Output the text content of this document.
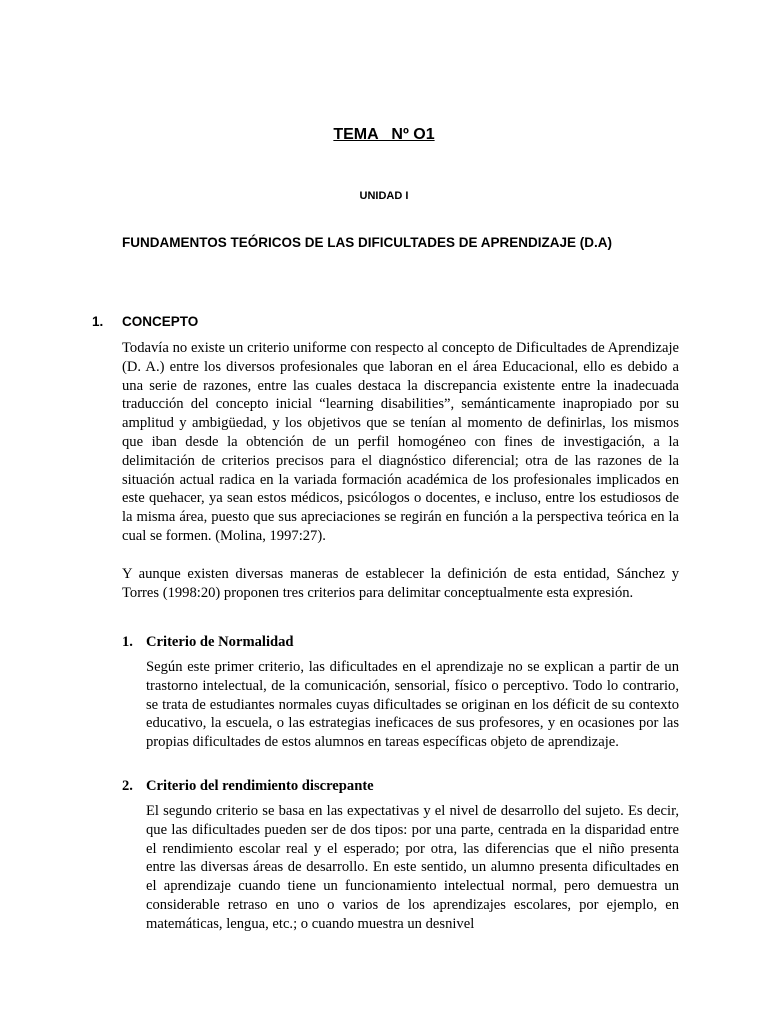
TEMA   Nº O1
UNIDAD I
FUNDAMENTOS TEÓRICOS DE LAS DIFICULTADES DE APRENDIZAJE (D.A)
1. CONCEPTO

Todavía no existe un criterio uniforme con respecto al concepto de Dificultades de Aprendizaje (D. A.) entre los diversos profesionales que laboran en el área Educacional, ello es debido a una serie de razones, entre las cuales destaca la discrepancia existente entre la inadecuada traducción del concepto inicial “learning disabilities”, semánticamente inapropiado por su amplitud y ambigüedad, y los objetivos que se tenían al momento de definirlas, los mismos que iban desde la obtención de un perfil homogéneo con fines de investigación, a la delimitación de criterios precisos para el diagnóstico diferencial; otra de las razones de la situación actual radica en la variada formación académica de los profesionales implicados en este quehacer, ya sean estos médicos, psicólogos o docentes, e incluso, entre los estudiosos de la misma área, puesto que sus apreciaciones se regirán en función a la perspectiva teórica en la cual se formen. (Molina, 1997:27).

Y aunque existen diversas maneras de establecer la definición de esta entidad, Sánchez y Torres (1998:20) proponen tres criterios para delimitar conceptualmente esta expresión.

1. Criterio de Normalidad

Según este primer criterio, las dificultades en el aprendizaje no se explican a partir de un trastorno intelectual, de la comunicación, sensorial, físico o perceptivo. Todo lo contrario, se trata de estudiantes normales cuyas dificultades se originan en los déficit de su contexto educativo, la escuela, o las estrategias ineficaces de sus profesores, y en ocasiones por las propias dificultades de estos alumnos en tareas específicas objeto de aprendizaje.

2. Criterio del rendimiento discrepante

El segundo criterio se basa en las expectativas y el nivel de desarrollo del sujeto. Es decir, que las dificultades pueden ser de dos tipos: por una parte, centrada en la disparidad entre el rendimiento escolar real y el esperado; por otra, las diferencias que el niño presenta entre las diversas áreas de desarrollo. En este sentido, un alumno presenta dificultades en el aprendizaje cuando tiene un funcionamiento intelectual normal, pero demuestra un considerable retraso en uno o varios de los aprendizajes escolares, por ejemplo, en matemáticas, lengua, etc.; o cuando muestra un desnivel
